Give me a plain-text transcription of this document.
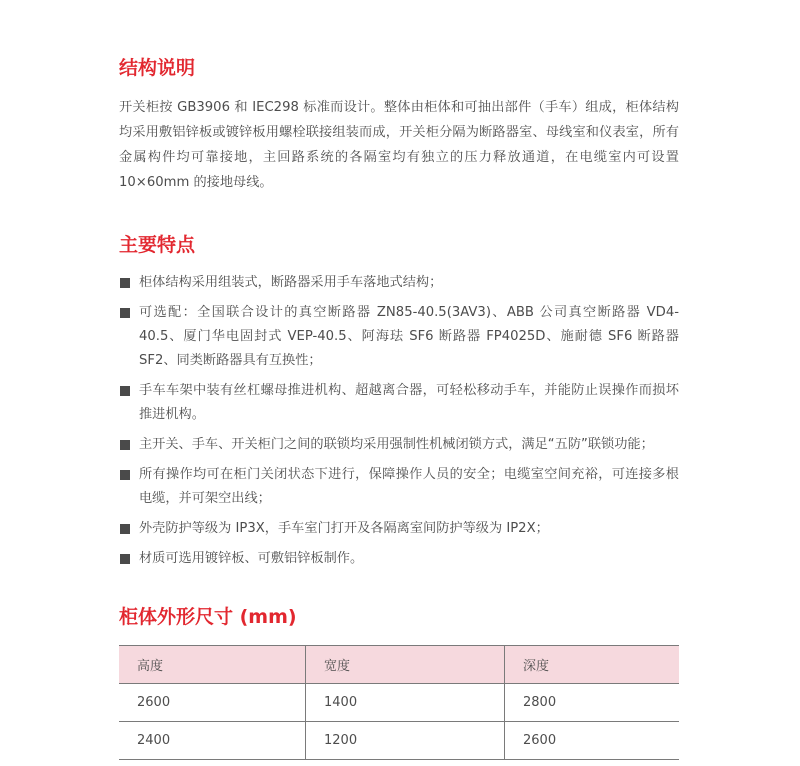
结构说明

开关柜按 GB3906 和 IEC298 标准而设计。整体由柜体和可抽出部件（手车）组成，柜体结构均采用敷铝锌板或镀锌板用螺栓联接组装而成，开关柜分隔为断路器室、母线室和仪表室，所有金属构件均可靠接地，主回路系统的各隔室均有独立的压力释放通道，在电缆室内可设置 10×60mm 的接地母线。

主要特点
柜体结构采用组装式，断路器采用手车落地式结构；
可选配：全国联合设计的真空断路器 ZN85-40.5(3AV3)、ABB 公司真空断路器 VD4-40.5、厦门华电固封式 VEP-40.5、阿海珐 SF6 断路器 FP4025D、施耐德 SF6 断路器 SF2、同类断路器具有互换性；
手车车架中装有丝杠螺母推进机构、超越离合器，可轻松移动手车，并能防止误操作而损坏推进机构。
主开关、手车、开关柜门之间的联锁均采用强制性机械闭锁方式，满足“五防”联锁功能；
所有操作均可在柜门关闭状态下进行，保障操作人员的安全；电缆室空间充裕，可连接多根电缆，并可架空出线；
外壳防护等级为 IP3X，手车室门打开及各隔离室间防护等级为 IP2X；
材质可选用镀锌板、可敷铝锌板制作。
柜体外形尺寸 (mm)
高度	宽度	深度
2600	1400	2800
2400	1200	2600
